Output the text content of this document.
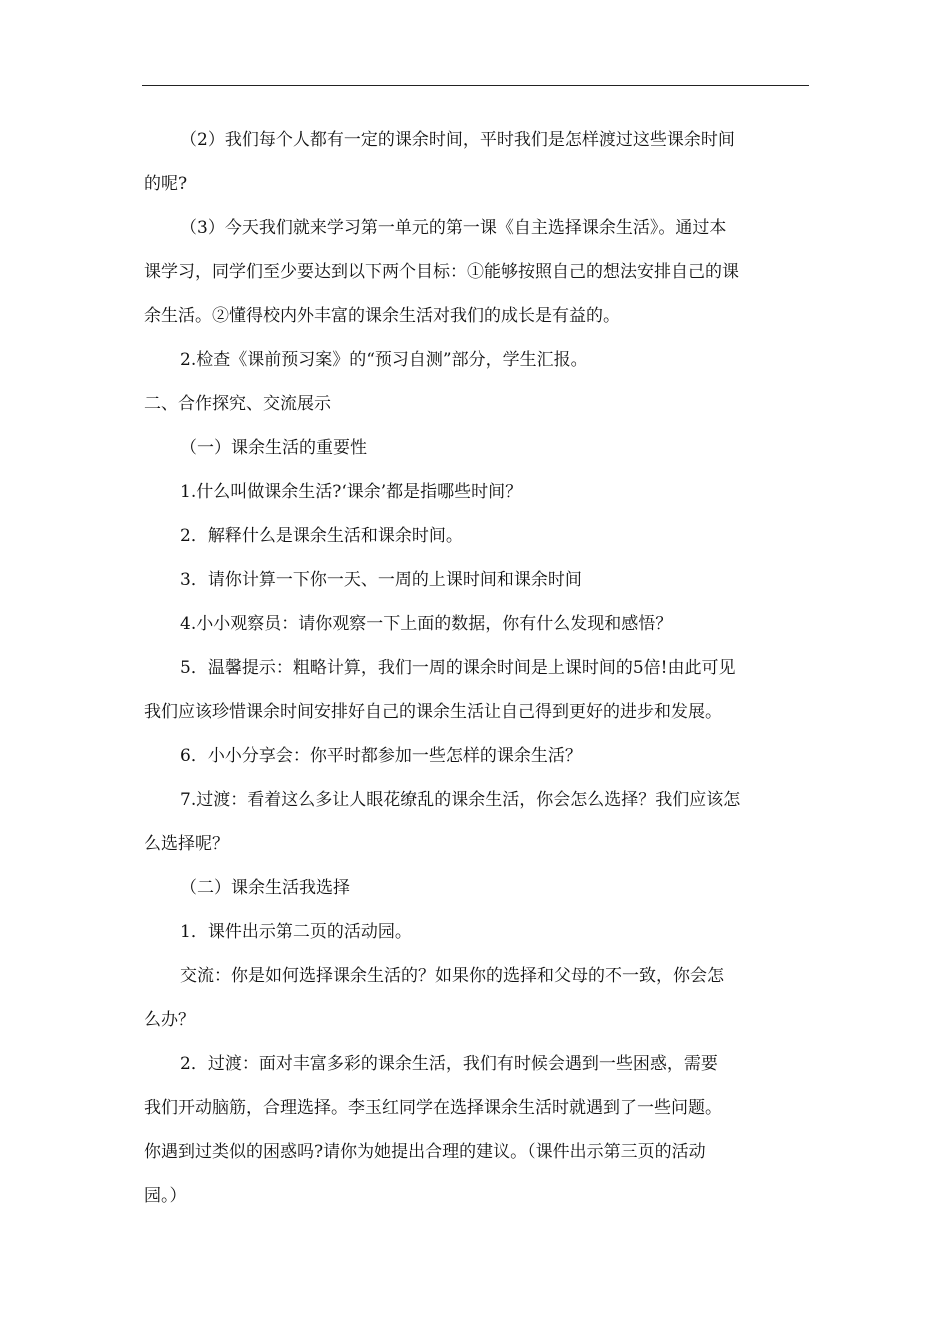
（2）我们每个人都有一定的课余时间，平时我们是怎样渡过这些课余时间

的呢?

（3）今天我们就来学习第一单元的第一课《自主选择课余生活》。通过本

课学习，同学们至少要达到以下两个目标：①能够按照自己的想法安排自己的课

余生活。②懂得校内外丰富的课余生活对我们的成长是有益的。

2.检查《课前预习案》的“预习自测”部分，学生汇报。

二、合作探究、交流展示

（一）课余生活的重要性

1.什么叫做课余生活?‘课余’都是指哪些时间？

2．解释什么是课余生活和课余时间。

3．请你计算一下你一天、一周的上课时间和课余时间

4.小小观察员：请你观察一下上面的数据，你有什么发现和感悟？

5．温馨提示：粗略计算，我们一周的课余时间是上课时间的5倍!由此可见

我们应该珍惜课余时间安排好自己的课余生活让自己得到更好的进步和发展。

6．小小分享会：你平时都参加一些怎样的课余生活？

7.过渡：看着这么多让人眼花缭乱的课余生活，你会怎么选择？我们应该怎

么选择呢？

（二）课余生活我选择

1．课件出示第二页的活动园。

交流：你是如何选择课余生活的？如果你的选择和父母的不一致，你会怎

么办？

2．过渡：面对丰富多彩的课余生活，我们有时候会遇到一些困惑，需要

我们开动脑筋，合理选择。李玉红同学在选择课余生活时就遇到了一些问题。

你遇到过类似的困惑吗?请你为她提出合理的建议。（课件出示第三页的活动

园。）
